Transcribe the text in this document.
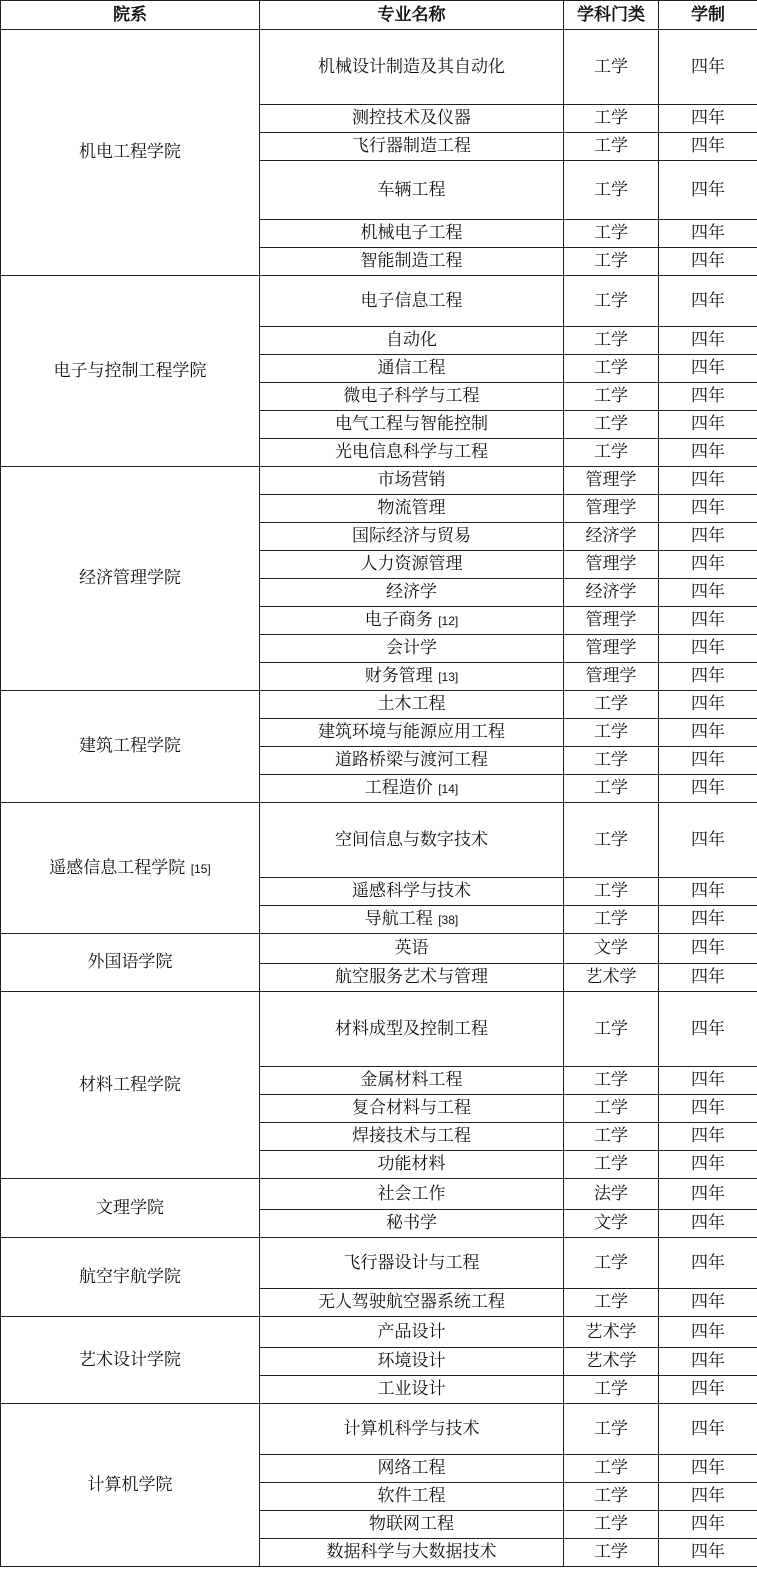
院系	专业名称	学科门类	学制
机电工程学院	机械设计制造及其自动化	工学	四年
	测控技术及仪器	工学	四年
	飞行器制造工程	工学	四年
	车辆工程	工学	四年
	机械电子工程	工学	四年
	智能制造工程	工学	四年
电子与控制工程学院	电子信息工程	工学	四年
	自动化	工学	四年
	通信工程	工学	四年
	微电子科学与工程	工学	四年
	电气工程与智能控制	工学	四年
	光电信息科学与工程	工学	四年
经济管理学院	市场营销	管理学	四年
	物流管理	管理学	四年
	国际经济与贸易	经济学	四年
	人力资源管理	管理学	四年
	经济学	经济学	四年
	电子商务 [12]	管理学	四年
	会计学	管理学	四年
	财务管理 [13]	管理学	四年
建筑工程学院	土木工程	工学	四年
	建筑环境与能源应用工程	工学	四年
	道路桥梁与渡河工程	工学	四年
	工程造价 [14]	工学	四年
遥感信息工程学院 [15]	空间信息与数字技术	工学	四年
	遥感科学与技术	工学	四年
	导航工程 [38]	工学	四年
外国语学院	英语	文学	四年
	航空服务艺术与管理	艺术学	四年
材料工程学院	材料成型及控制工程	工学	四年
	金属材料工程	工学	四年
	复合材料与工程	工学	四年
	焊接技术与工程	工学	四年
	功能材料	工学	四年
文理学院	社会工作	法学	四年
	秘书学	文学	四年
航空宇航学院	飞行器设计与工程	工学	四年
	无人驾驶航空器系统工程	工学	四年
艺术设计学院	产品设计	艺术学	四年
	环境设计	艺术学	四年
	工业设计	工学	四年
计算机学院	计算机科学与技术	工学	四年
	网络工程	工学	四年
	软件工程	工学	四年
	物联网工程	工学	四年
	数据科学与大数据技术	工学	四年
